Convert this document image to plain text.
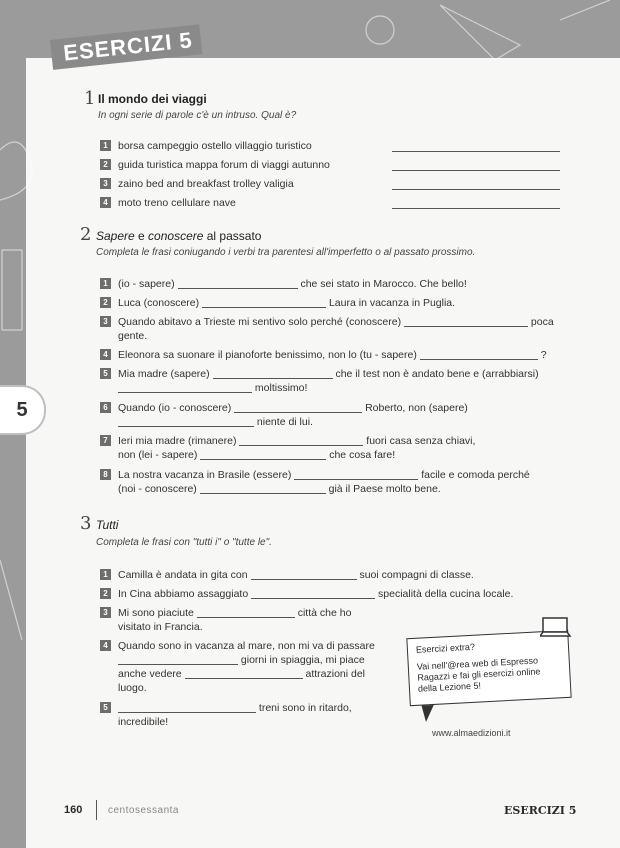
ESERCIZI 5
5
1 Il mondo dei viaggi
In ogni serie di parole c'è un intruso. Qual è?
1 borsa campeggio ostello villaggio turistico
2 guida turistica mappa forum di viaggi autunno
3 zaino bed and breakfast trolley valigia
4 moto treno cellulare nave
2 Sapere e conoscere al passato
Completa le frasi coniugando i verbi tra parentesi all'imperfetto o al passato prossimo.
1 (io - sapere)	che sei stato in Marocco. Che bello!
2 Luca (conoscere)	Laura in vacanza in Puglia.
3 Quando abitavo a Trieste mi sentivo solo perché (conoscere)	poca
gente.
4 Eleonora sa suonare il pianoforte benissimo, non lo (tu - sapere)	?
5 Mia madre (sapere)	che il test non è andato bene e (arrabbiarsi)
moltissimo!
6 Quando (io - conoscere)	Roberto, non (sapere)
niente di lui.
7 Ieri mia madre (rimanere)	fuori casa senza chiavi,
non (lei - sapere)	che cosa fare!
8 La nostra vacanza in Brasile (essere)	facile e comoda perché
(noi - conoscere)	già il Paese molto bene.
3 Tutti
Completa le frasi con "tutti i" o "tutte le".
1 Camilla è andata in gita con	suoi compagni di classe.
2 In Cina abbiamo assaggiato	specialità della cucina locale.
3 Mi sono piaciute	città che ho
visitato in Francia.
4 Quando sono in vacanza al mare, non mi va di passare
giorni in spiaggia, mi piace
anche vedere	attrazioni del
luogo.
5	treni sono in ritardo,
incredibile!
Esercizi extra?
Vai nell'@rea web di Espresso Ragazzi e fai gli esercizi online della Lezione 5!
www.almaedizioni.it
160	centosessanta	ESERCIZI 5
